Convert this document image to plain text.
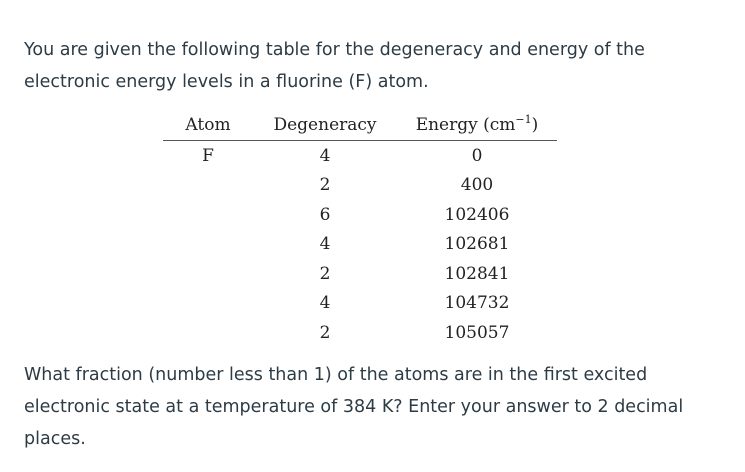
You are given the following table for the degeneracy and energy of the
electronic energy levels in a fluorine (F) atom.

Atom	Degeneracy	Energy $(cm^{-1})$
F	4	0
	2	400
	6	102406
	4	102681
	2	102841
	4	104732
	2	105057

What fraction (number less than 1) of the atoms are in the first excited
electronic state at a temperature of 384 K? Enter your answer to 2 decimal
places.
